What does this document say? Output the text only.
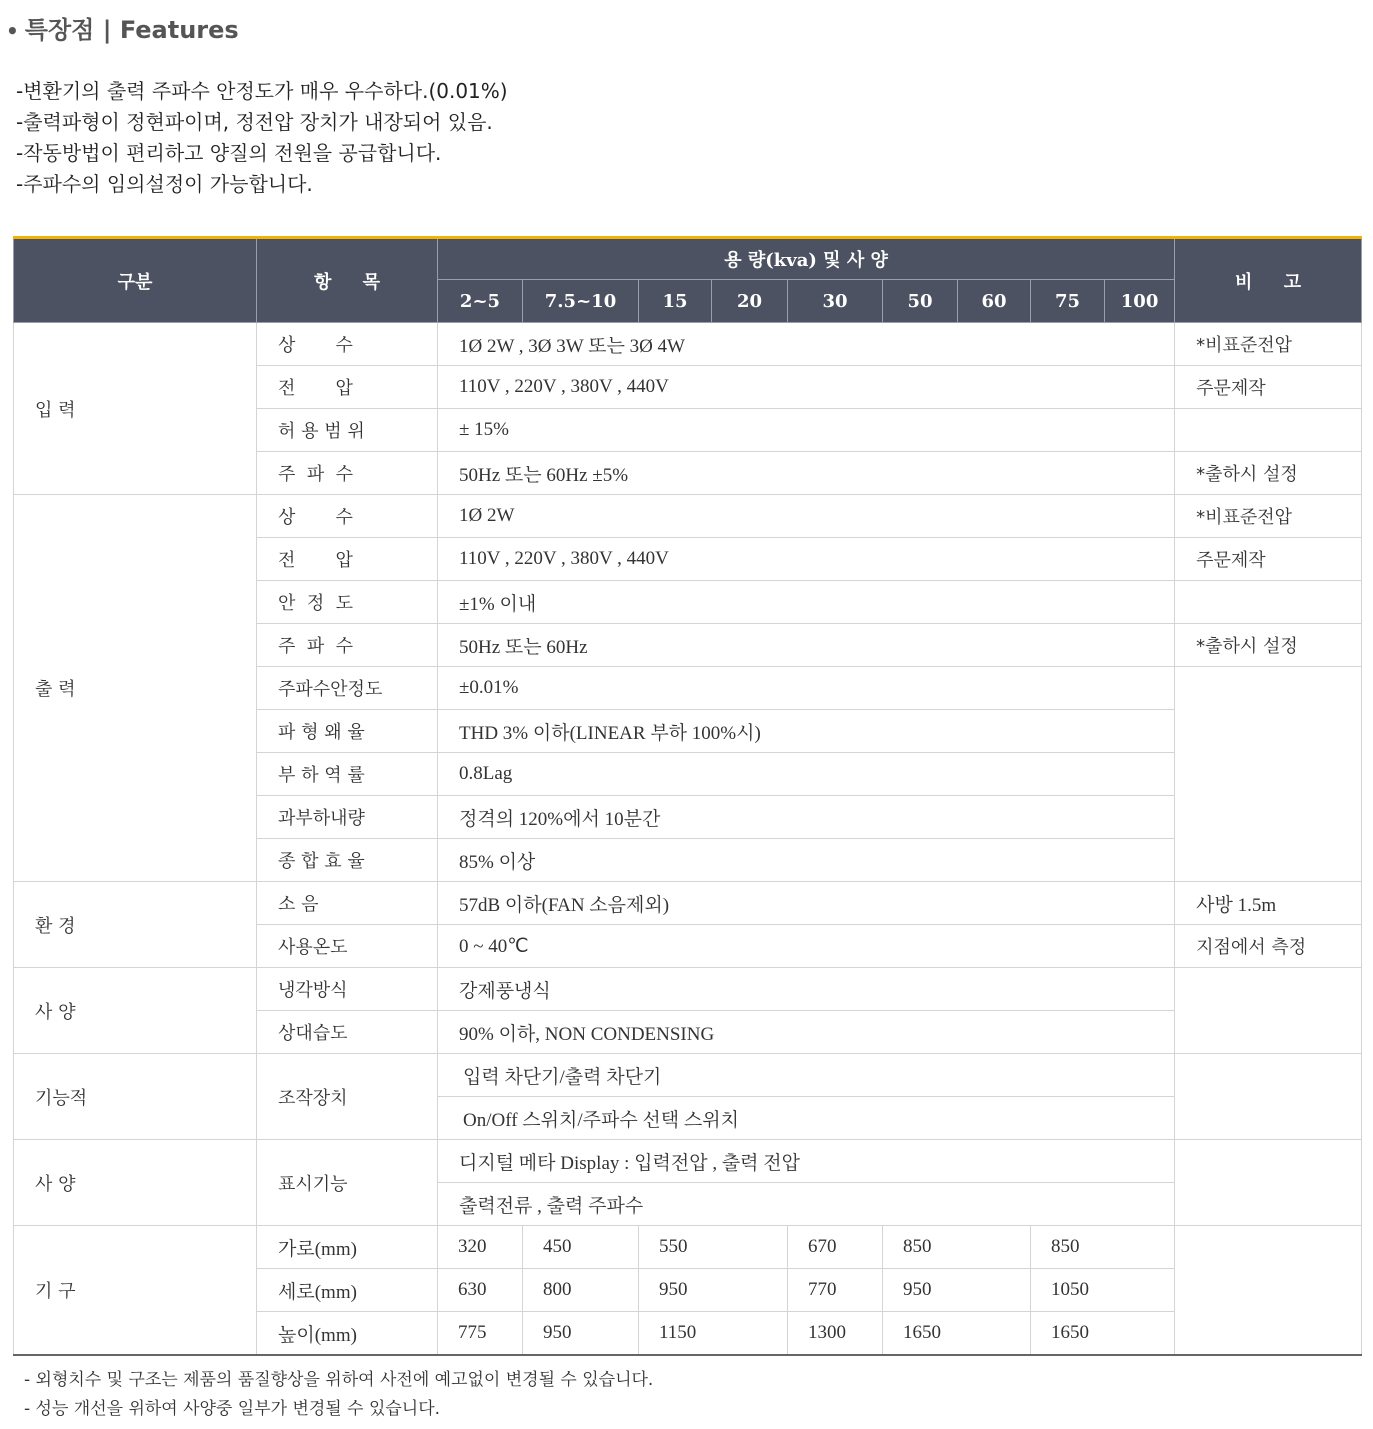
• 특장점 | Features
-변환기의 출력 주파수 안정도가 매우 우수하다.(0.01%)
-출력파형이 정현파이며, 정전압 장치가 내장되어 있음.
-작동방법이 편리하고 양질의 전원을 공급합니다.
-주파수의 임의설정이 가능합니다.
구분	항     목	용 량(kva) 및 사 양									비     고
		2~5	7.5~10	15	20	30	50	60	75	100	
입 력	상       수	1Ø 2W , 3Ø 3W 또는 3Ø 4W									*비표준전압
	전       압	110V , 220V , 380V , 440V									주문제작
	허 용 범 위	± 15%									
	주  파  수	50Hz 또는 60Hz ±5%									*출하시 설정
출 력	상       수	1Ø 2W									*비표준전압
	전       압	110V , 220V , 380V , 440V									주문제작
	안  정  도	±1% 이내									
	주  파  수	50Hz 또는 60Hz									*출하시 설정
	주파수안정도	±0.01%									
	파 형 왜 율	THD 3% 이하(LINEAR 부하 100%시)									
	부 하 역 률	0.8Lag									
	과부하내량	정격의 120%에서 10분간									
	종 합 효 율	85% 이상									
환 경	소 음	57dB 이하(FAN 소음제외)									사방 1.5m
	사용온도	0 ~ 40℃									지점에서 측정
사 양	냉각방식	강제풍냉식									
	상대습도	90% 이하, NON CONDENSING									
기능적	조작장치	입력 차단기/출력 차단기									
		On/Off 스위치/주파수 선택 스위치									
사 양	표시기능	디지털 메타 Display : 입력전압 , 출력 전압									
		출력전류 , 출력 주파수									
기 구	가로(mm)	320	450	550		670	850		850		
	세로(mm)	630	800	950		770	950		1050		
	높이(mm)	775	950	1150		1300	1650		1650		
- 외형치수 및 구조는 제품의 품질향상을 위하여 사전에 예고없이 변경될 수 있습니다.
- 성능 개선을 위하여 사양중 일부가 변경될 수 있습니다.
